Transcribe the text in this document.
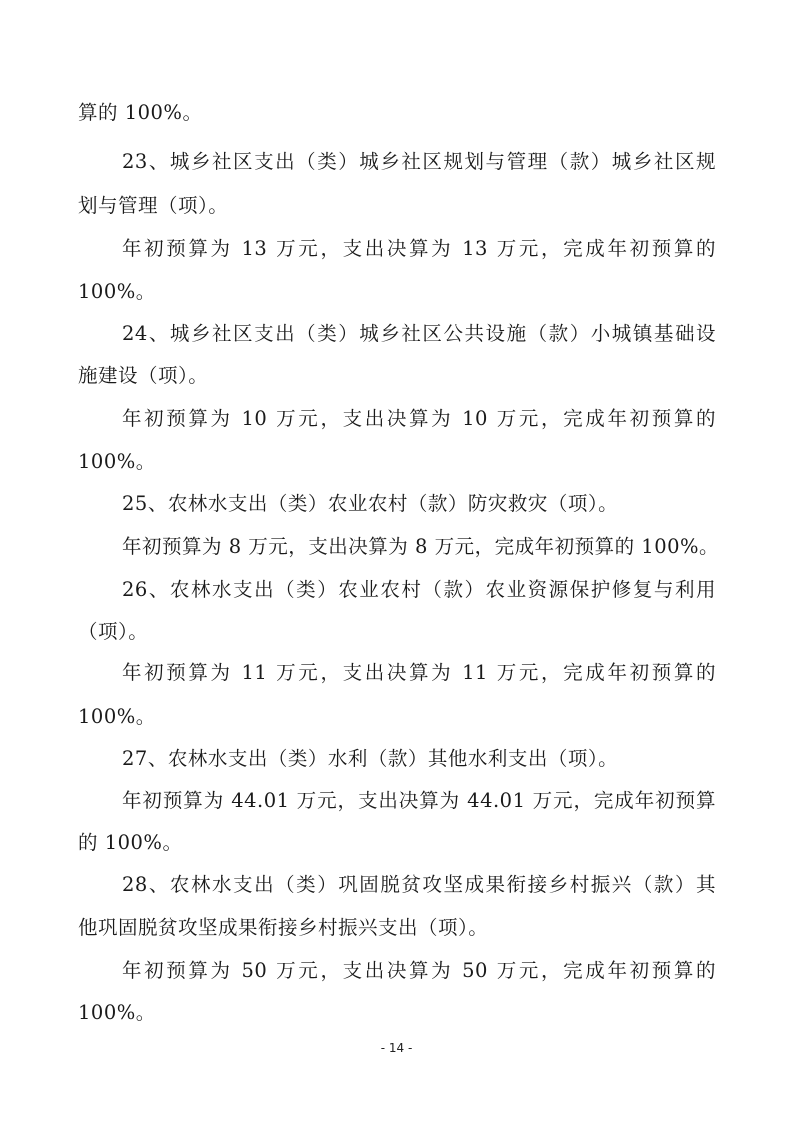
算的 100%。
23、城乡社区支出（类）城乡社区规划与管理（款）城乡社区规
划与管理（项）。
年初预算为 13 万元，支出决算为 13 万元，完成年初预算的
100%。
24、城乡社区支出（类）城乡社区公共设施（款）小城镇基础设
施建设（项）。
年初预算为 10 万元，支出决算为 10 万元，完成年初预算的
100%。
25、农林水支出（类）农业农村（款）防灾救灾（项）。
年初预算为 8 万元，支出决算为 8 万元，完成年初预算的 100%。
26、农林水支出（类）农业农村（款）农业资源保护修复与利用
（项）。
年初预算为 11 万元，支出决算为 11 万元，完成年初预算的
100%。
27、农林水支出（类）水利（款）其他水利支出（项）。
年初预算为 44.01 万元，支出决算为 44.01 万元，完成年初预算
的 100%。
28、农林水支出（类）巩固脱贫攻坚成果衔接乡村振兴（款）其
他巩固脱贫攻坚成果衔接乡村振兴支出（项）。
年初预算为 50 万元，支出决算为 50 万元，完成年初预算的
100%。
- 14 -
